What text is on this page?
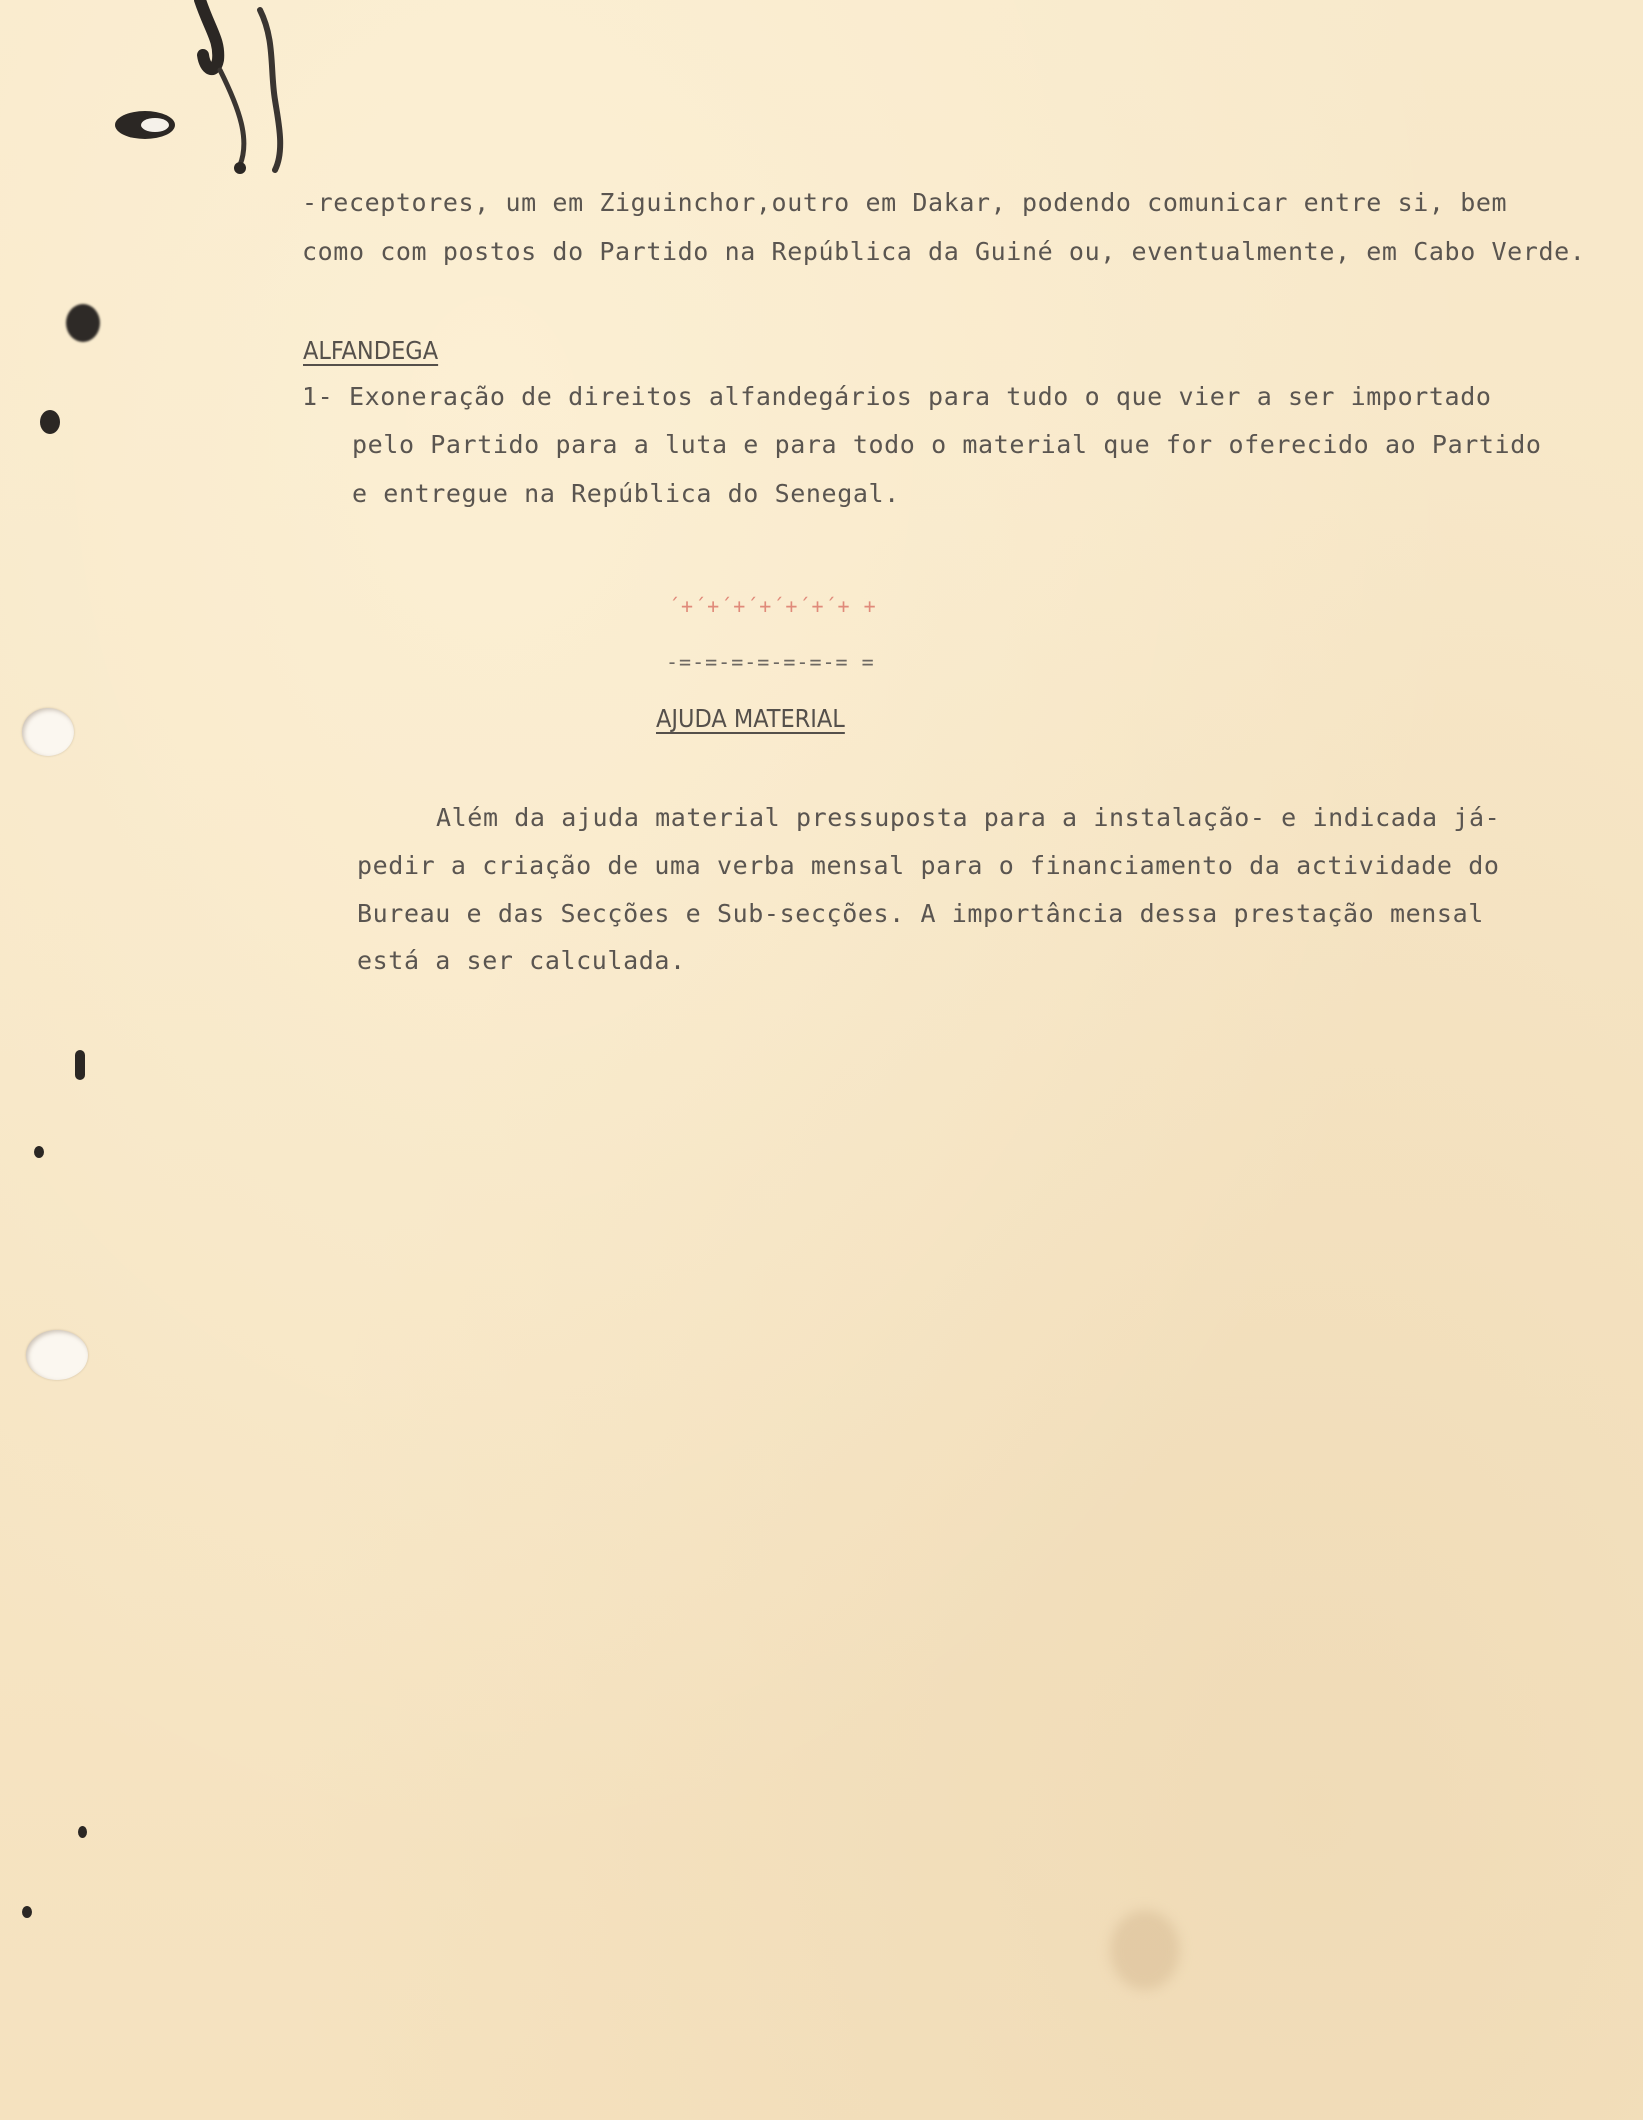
-receptores, um em Ziguinchor,outro em Dakar, podendo comunicar entre si, bem
como com postos do Partido na República da Guiné ou, eventualmente, em Cabo Verde.
ALFANDEGA
1- Exoneração de direitos alfandegários para tudo o que vier a ser importado
pelo Partido para a luta e para todo o material que for oferecido ao Partido
e entregue na República do Senegal.
´+´+´+´+´+´+´+ +
-=-=-=-=-=-=-= =
AJUDA MATERIAL
Além da ajuda material pressuposta para a instalação- e indicada já-
pedir a criação de uma verba mensal para o financiamento da actividade do
Bureau e das Secções e Sub-secções. A importância dessa prestação mensal
está a ser calculada.
